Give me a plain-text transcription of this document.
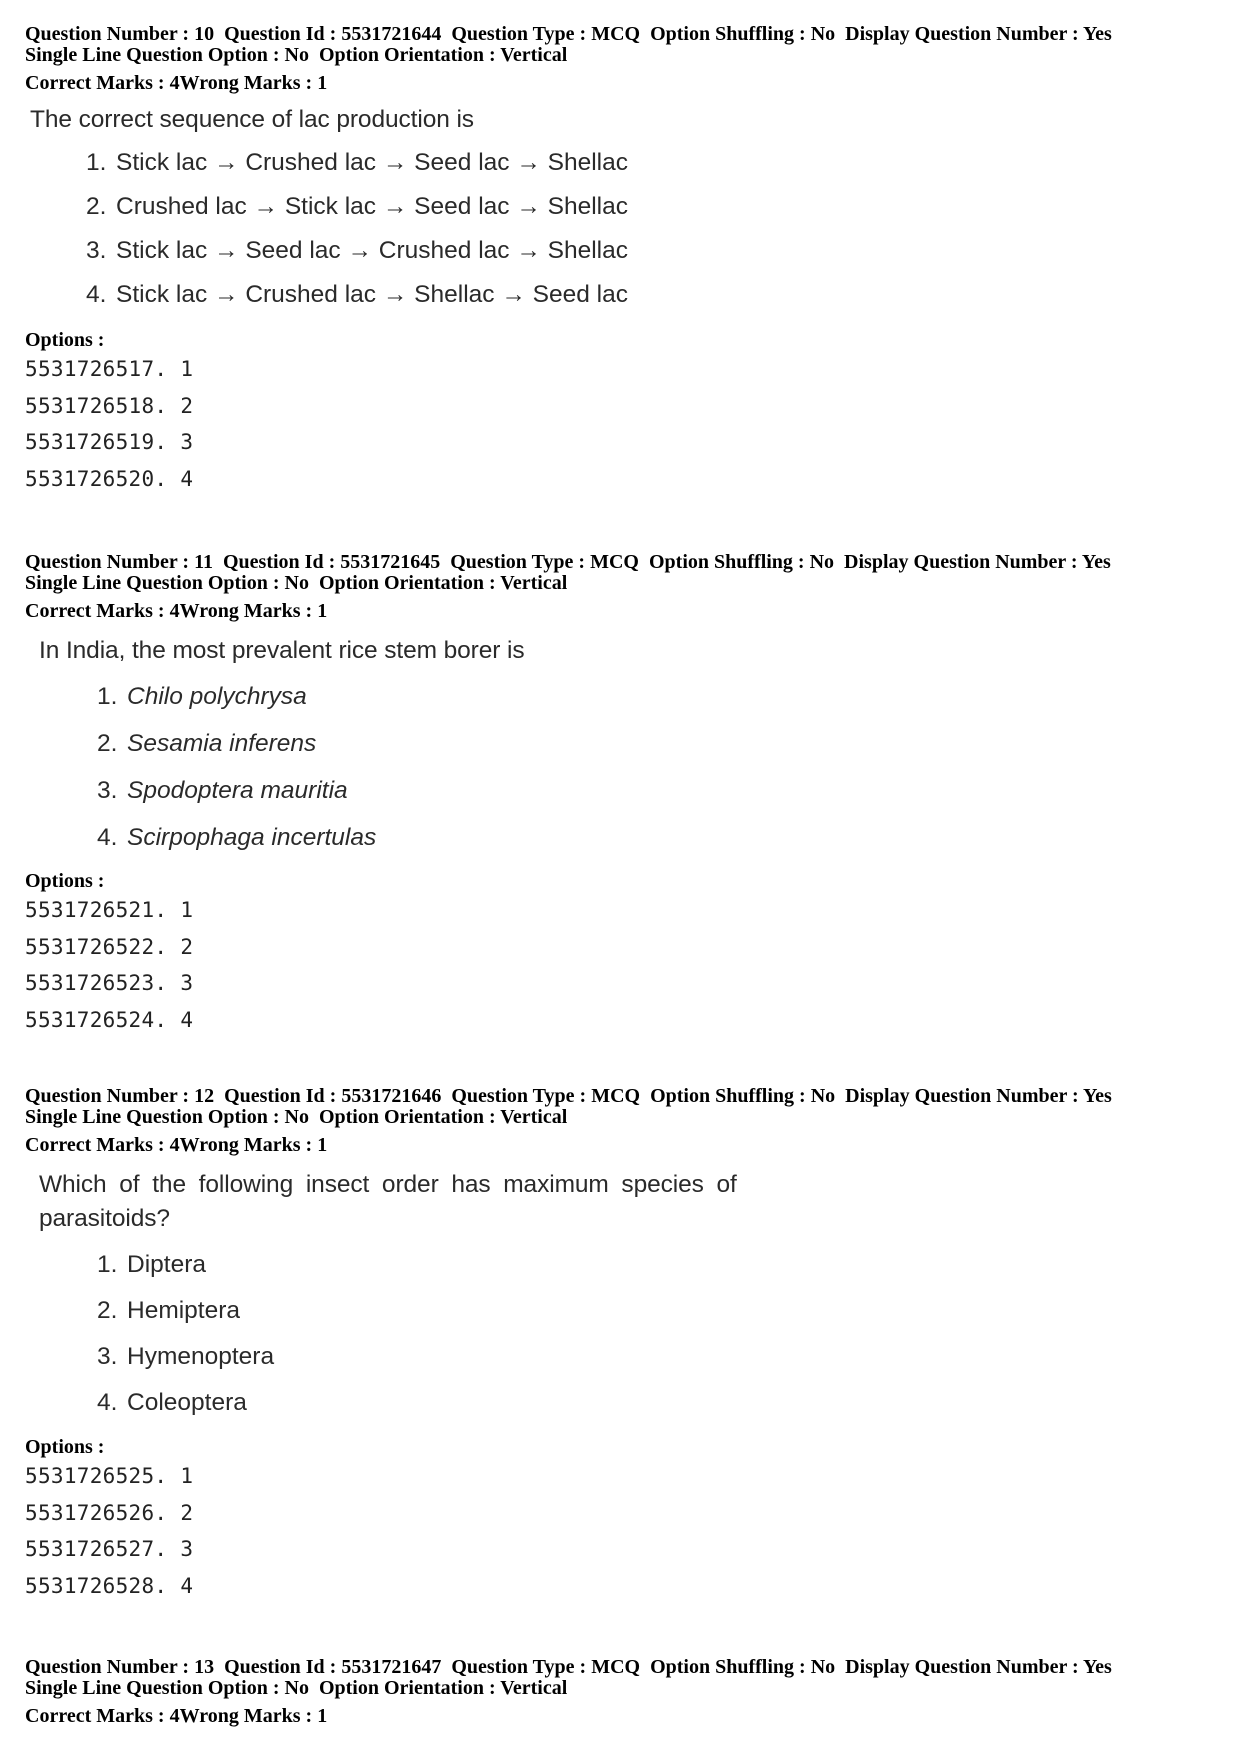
Question Number : 10 Question Id : 5531721644 Question Type : MCQ Option Shuffling : No Display Question Number : Yes
Single Line Question Option : No Option Orientation : Vertical
Correct Marks : 4Wrong Marks : 1
The correct sequence of lac production is
1. Stick lac → Crushed lac → Seed lac → Shellac
2. Crushed lac → Stick lac → Seed lac → Shellac
3. Stick lac → Seed lac → Crushed lac → Shellac
4. Stick lac → Crushed lac → Shellac → Seed lac
Options :
5531726517. 1
5531726518. 2
5531726519. 3
5531726520. 4
Question Number : 11 Question Id : 5531721645 Question Type : MCQ Option Shuffling : No Display Question Number : Yes
Single Line Question Option : No Option Orientation : Vertical
Correct Marks : 4Wrong Marks : 1
In India, the most prevalent rice stem borer is
1. Chilo polychrysa
2. Sesamia inferens
3. Spodoptera mauritia
4. Scirpophaga incertulas
Options :
5531726521. 1
5531726522. 2
5531726523. 3
5531726524. 4
Question Number : 12 Question Id : 5531721646 Question Type : MCQ Option Shuffling : No Display Question Number : Yes
Single Line Question Option : No Option Orientation : Vertical
Correct Marks : 4Wrong Marks : 1
Which of the following insect order has maximum species of
parasitoids?
1. Diptera
2. Hemiptera
3. Hymenoptera
4. Coleoptera
Options :
5531726525. 1
5531726526. 2
5531726527. 3
5531726528. 4
Question Number : 13 Question Id : 5531721647 Question Type : MCQ Option Shuffling : No Display Question Number : Yes
Single Line Question Option : No Option Orientation : Vertical
Correct Marks : 4Wrong Marks : 1
